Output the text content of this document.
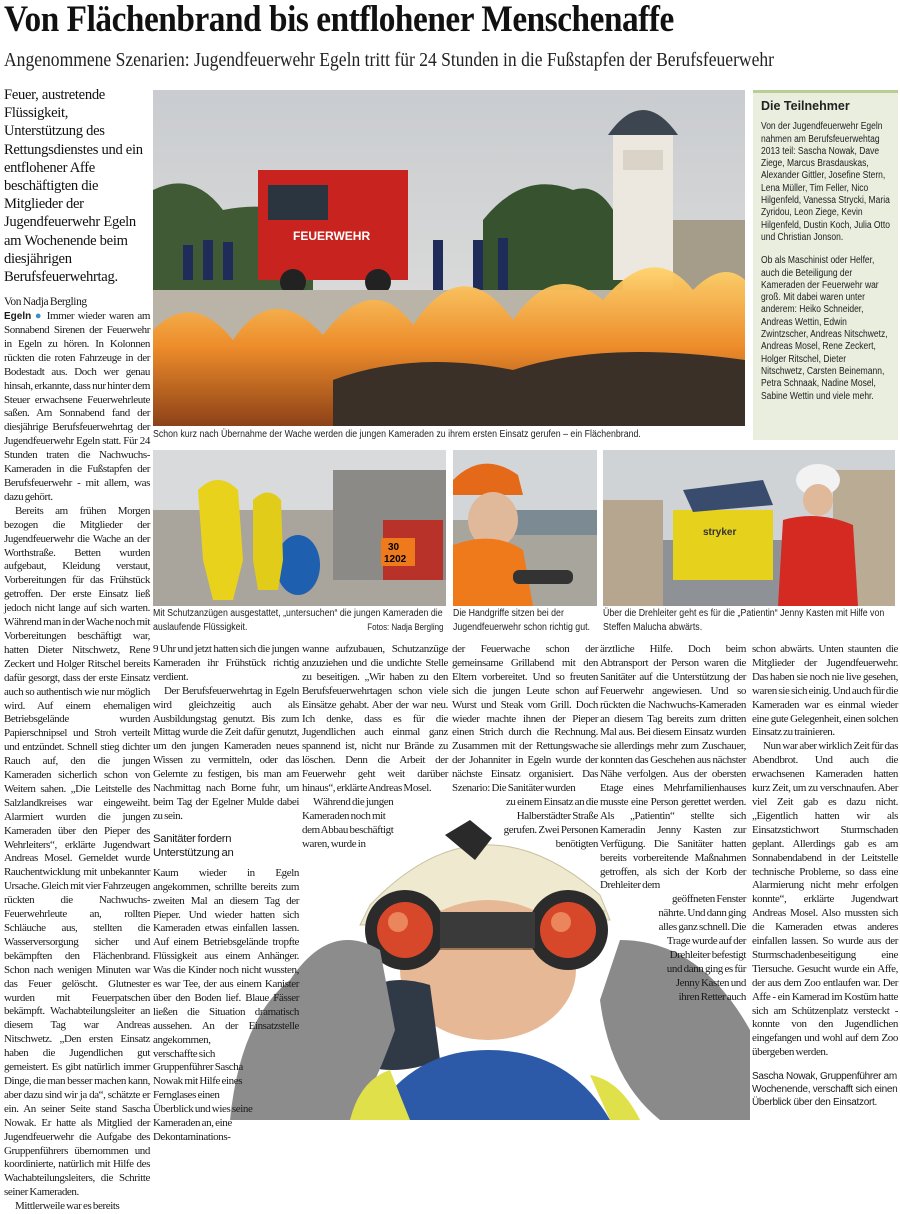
Von Flächenbrand bis entflohener Menschenaffe
Angenommene Szenarien: Jugendfeuerwehr Egeln tritt für 24 Stunden in die Fußstapfen der Berufsfeuerwehr

Feuer, austretende Flüssigkeit, Unterstützung des Rettungsdienstes und ein entflohener Affe beschäftigten die Mitglieder der Jugendfeuerwehr Egeln am Wochenende beim diesjährigen Berufsfeuerwehrtag.

Von Nadja Bergling

Egeln ● Immer wieder waren am Sonnabend Sirenen der Feuerwehr in Egeln zu hören. In Kolonnen rückten die roten Fahrzeuge in der Bodestadt aus. Doch wer genau hinsah, erkannte, dass nur hinter dem Steuer erwachsene Feuerwehrleute saßen. Am Sonnabend fand der diesjährige Berufsfeuerwehrtag der Jugendfeuerwehr Egeln statt. Für 24 Stunden traten die Nachwuchs-Kameraden in die Fußstapfen der Berufsfeuerwehr - mit allem, was dazu gehört.

Bereits am frühen Morgen bezogen die Mitglieder der Jugendfeuerwehr die Wache an der Worthstraße. Betten wurden aufgebaut, Kleidung verstaut, Vorbereitungen für das Frühstück getroffen. Der erste Einsatz ließ jedoch nicht lange auf sich warten. Während man in der Wache noch mit Vorbereitungen beschäftigt war, hatten Dieter Nitschwetz, Rene Zeckert und Holger Ritschel bereits dafür gesorgt, dass der erste Einsatz auch so authentisch wie nur möglich wird. Auf einem ehemaligen Betriebsgelände wurden Papierschnipsel und Stroh verteilt und entzündet. Schnell stieg dichter Rauch auf, den die jungen Kameraden sicherlich schon von Weitem sahen. „Die Leitstelle des Salzlandkreises war eingeweiht. Alarmiert wurden die jungen Kameraden über den Pieper des Wehrleiters“, erklärte Jugendwart Andreas Mosel. Gemeldet wurde Rauchentwicklung mit unbekannter Ursache. Gleich mit vier Fahrzeugen rückten die Nachwuchs-Feuerwehrleute an, rollten Schläuche aus, stellten die Wasserversorgung sicher und bekämpften den Flächenbrand. Schon nach wenigen Minuten war das Feuer gelöscht. Glutnester wurden mit Feuerpatschen bekämpft. Wachabteilungsleiter an diesem Tag war Andreas Nitschwetz. „Den ersten Einsatz haben die Jugendlichen gut gemeistert. Es gibt natürlich immer Dinge, die man besser machen kann, aber dazu sind wir ja da“, schätzte er ein. An seiner Seite stand Sascha Nowak. Er hatte als Mitglied der Jugendfeuerwehr die Aufgabe des Gruppenführers übernommen und koordinierte, natürlich mit Hilfe des Wachabteilungsleiters, die Schritte seiner Kameraden.

Mittlerweile war es bereits

FEUERWEHR
Schon kurz nach Übernahme der Wache werden die jungen Kameraden zu ihrem ersten Einsatz gerufen – ein Flächenbrand.
Die Teilnehmer

Von der Jugendfeuerwehr Egeln nahmen am Berufsfeuerwehtag 2013 teil: Sascha Nowak, Dave Ziege, Marcus Brasdauskas, Alexander Gittler, Josefine Stern, Lena Müller, Tim Feller, Nico Hilgenfeld, Vanessa Strycki, Maria Zyridou, Leon Ziege, Kevin Hilgenfeld, Dustin Koch, Julia Otto und Christian Jonson.

Ob als Maschinist oder Helfer, auch die Beteiligung der Kameraden der Feuerwehr war groß. Mit dabei waren unter anderem: Heiko Schneider, Andreas Wettin, Edwin Zwintzscher, Andreas Nitschwetz, Andreas Mosel, Rene Zeckert, Holger Ritschel, Dieter Nitschwetz, Carsten Beinemann, Petra Schnaak, Nadine Mosel, Sabine Wettin und viele mehr.

30
1202
stryker
Mit Schutzanzügen ausgestattet, „untersuchen“ die jungen Kameraden die auslaufende Flüssigkeit.	Fotos: Nadja Bergling
Die Handgriffe sitzen bei der Jugendfeuerwehr schon richtig gut.
Über die Drehleiter geht es für die „Patientin“ Jenny Kasten mit Hilfe von Steffen Malucha abwärts.

9 Uhr und jetzt hatten sich die jungen Kameraden ihr Frühstück richtig verdient.

Der Berufsfeuerwehrtag in Egeln wird gleichzeitig auch als Ausbildungstag genutzt. Bis zum Mittag wurde die Zeit dafür genutzt, um den jungen Kameraden neues Wissen zu vermitteln, oder das Gelernte zu festigen, bis man am Nachmittag nach Borne fuhr, um beim Tag der Egelner Mulde dabei zu sein.

Sanitäter fordern Unterstützung an

Kaum wieder in Egeln angekommen, schrillte bereits zum zweiten Mal an diesem Tag der Pieper. Und wieder hatten sich Kameraden etwas einfallen lassen. Auf einem Betriebsgelände tropfte Flüssigkeit aus einem Anhänger. Was die Kinder noch nicht wussten, es war Tee, der aus einem Kanister über den Boden lief. Blaue Fässer ließen die Situation dramatisch aussehen. An der Einsatzstelle angekommen,

verschaffte sich Gruppenführer Sascha Nowak mit Hilfe eines Fernglases einen Überblick und wies seine Kameraden an, eine Dekontaminations-

wanne aufzubauen, Schutzanzüge anzuziehen und die undichte Stelle zu beseitigen. „Wir haben zu den Berufsfeuerwehrtagen schon viele Einsätze gehabt. Aber der war neu. Ich denke, dass es für die Jugendlichen auch einmal ganz spannend ist, nicht nur Brände zu löschen. Denn die Arbeit der Feuerwehr geht weit darüber hinaus“, erklärte Andreas Mosel.

Während die jungen Kameraden noch mit dem Abbau beschäftigt waren, wurde in

der Feuerwache schon der gemeinsame Grillabend mit den Eltern vorbereitet. Und so freuten sich die jungen Leute schon auf Wurst und Steak vom Grill. Doch wieder machte ihnen der Pieper einen Strich durch die Rechnung. Zusammen mit der Rettungswache der Johanniter in Egeln wurde der nächste Einsatz organisiert. Das Szenario: Die Sanitäter wurden

zu einem Einsatz an die Halberstädter Straße gerufen. Zwei Personen benötigten

ärztliche Hilfe. Doch beim Abtransport der Person waren die Sanitäter auf die Unterstützung der Feuerwehr angewiesen. Und so rückten die Nachwuchs-Kameraden an diesem Tag bereits zum dritten Mal aus. Bei diesem Einsatz wurden sie allerdings mehr zum Zuschauer, konnten das Geschehen aus nächster Nähe verfolgen. Aus der obersten Etage eines Mehrfamilienhauses musste eine Person gerettet werden. Als „Patientin“ stellte sich Kameradin Jenny Kasten zur Verfügung. Die Sanitäter hatten bereits vorbereitende Maßnahmen getroffen, als sich der Korb der Drehleiter dem

geöffneten Fenster nährte. Und dann ging alles ganz schnell. Die Trage wurde auf der Drehleiter befestigt und dann ging es für Jenny Kasten und ihren Retter auch

schon abwärts. Unten staunten die Mitglieder der Jugendfeuerwehr. Das haben sie noch nie live gesehen, waren sie sich einig. Und auch für die Kameraden war es einmal wieder eine gute Gelegenheit, einen solchen Einsatz zu trainieren.

Nun war aber wirklich Zeit für das Abendbrot. Und auch die erwachsenen Kameraden hatten kurz Zeit, um zu verschnaufen. Aber viel Zeit gab es dazu nicht. „Eigentlich hatten wir als Einsatzstichwort Sturmschaden geplant. Allerdings gab es am Sonnabendabend in der Leitstelle technische Probleme, so dass eine Alarmierung nicht mehr erfolgen konnte“, erklärte Jugendwart Andreas Mosel. Also mussten sich die Kameraden etwas anderes einfallen lassen. So wurde aus der Sturmschadenbeseitigung eine Tiersuche. Gesucht wurde ein Affe, der aus dem Zoo entlaufen war. Der Affe - ein Kamerad im Kostüm hatte sich am Schützenplatz versteckt - konnte von den Jugendlichen eingefangen und wohl auf dem Zoo übergeben werden.

Sascha Nowak, Gruppenführer am Wochenende, verschafft sich einen Überblick über den Einsatzort.
